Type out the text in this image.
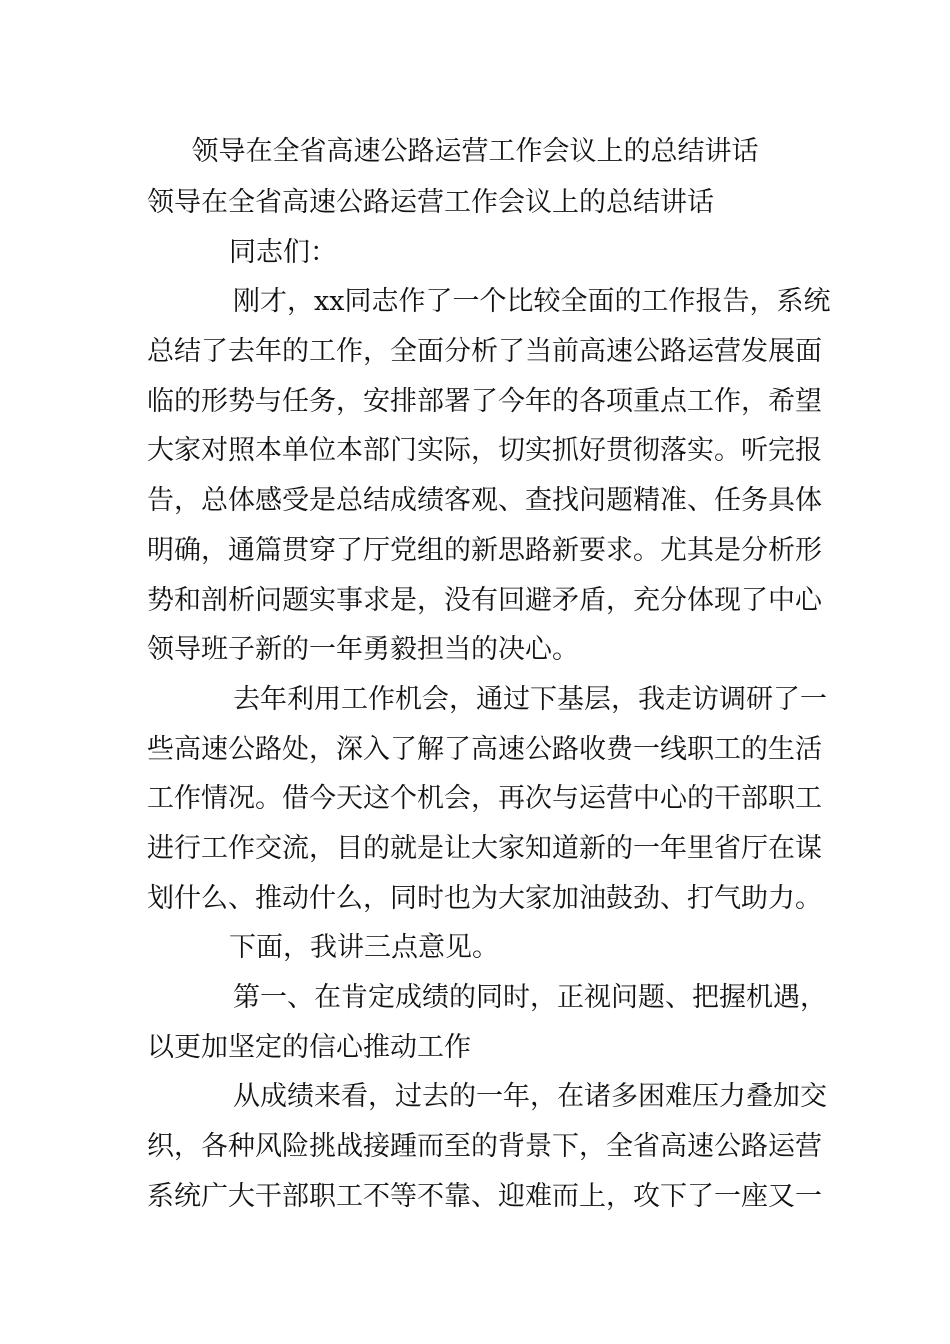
领导在全省高速公路运营工作会议上的总结讲话
领导在全省高速公路运营工作会议上的总结讲话
同志们：
刚才，xx同志作了一个比较全面的工作报告，系统
总结了去年的工作，全面分析了当前高速公路运营发展面
临的形势与任务，安排部署了今年的各项重点工作，希望
大家对照本单位本部门实际，切实抓好贯彻落实。听完报
告，总体感受是总结成绩客观、查找问题精准、任务具体
明确，通篇贯穿了厅党组的新思路新要求。尤其是分析形
势和剖析问题实事求是，没有回避矛盾，充分体现了中心
领导班子新的一年勇毅担当的决心。
去年利用工作机会，通过下基层，我走访调研了一
些高速公路处，深入了解了高速公路收费一线职工的生活
工作情况。借今天这个机会，再次与运营中心的干部职工
进行工作交流，目的就是让大家知道新的一年里省厅在谋
划什么、推动什么，同时也为大家加油鼓劲、打气助力。
下面，我讲三点意见。
第一、在肯定成绩的同时，正视问题、把握机遇，
以更加坚定的信心推动工作
从成绩来看，过去的一年，在诸多困难压力叠加交
织，各种风险挑战接踵而至的背景下，全省高速公路运营
系统广大干部职工不等不靠、迎难而上，攻下了一座又一
